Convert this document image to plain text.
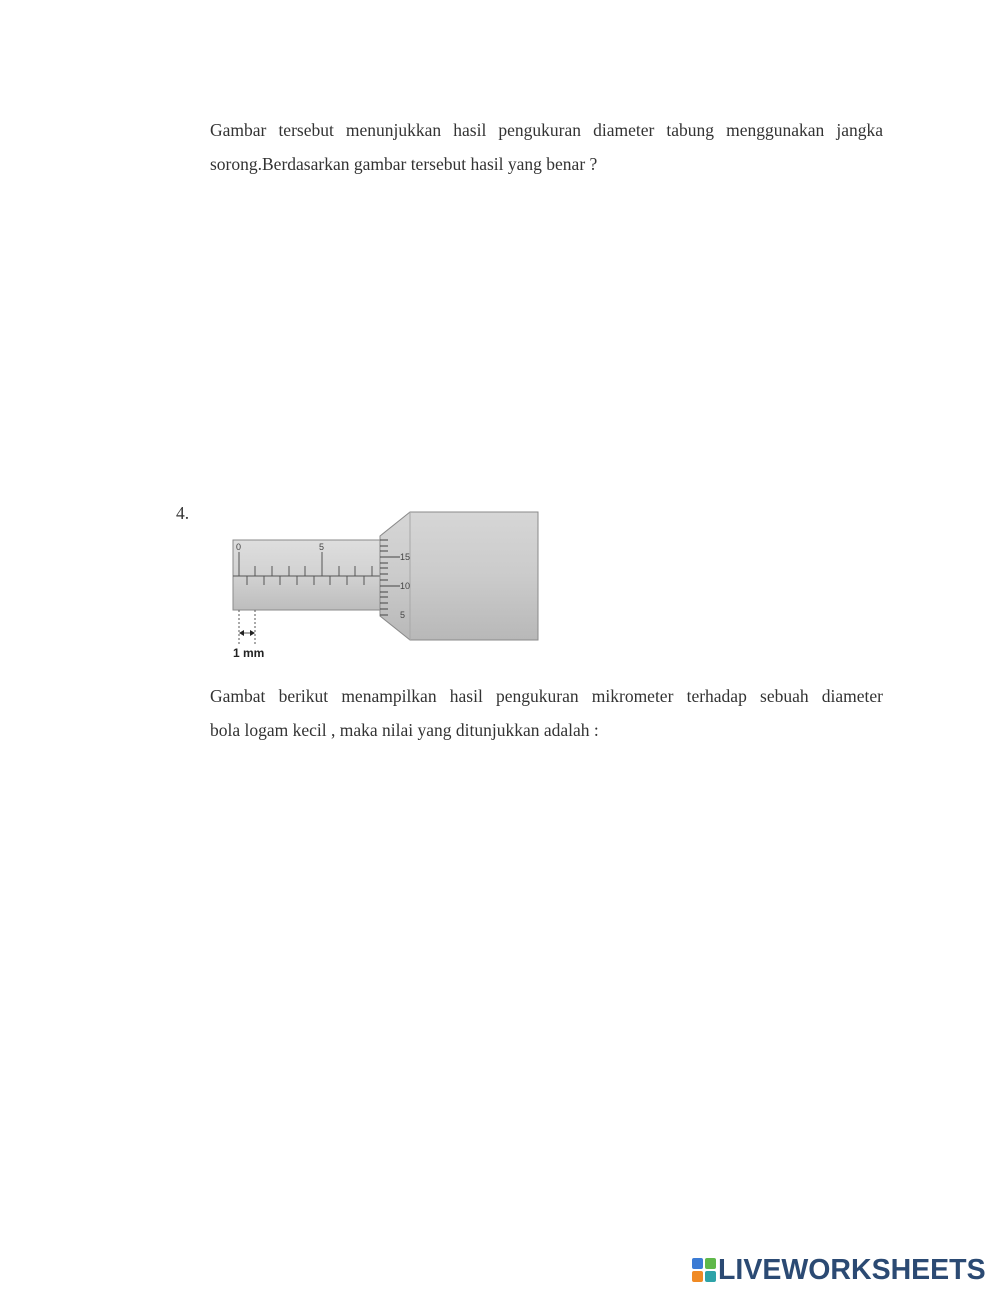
Gambar tersebut menunjukkan hasil pengukuran diameter tabung menggunakan jangka
sorong.Berdasarkan gambar tersebut hasil yang benar ?
4.
0	5
15
10
5
1 mm
Gambat berikut menampilkan hasil pengukuran mikrometer terhadap sebuah diameter
bola logam kecil , maka nilai yang ditunjukkan adalah :
LIVEWORKSHEETS
